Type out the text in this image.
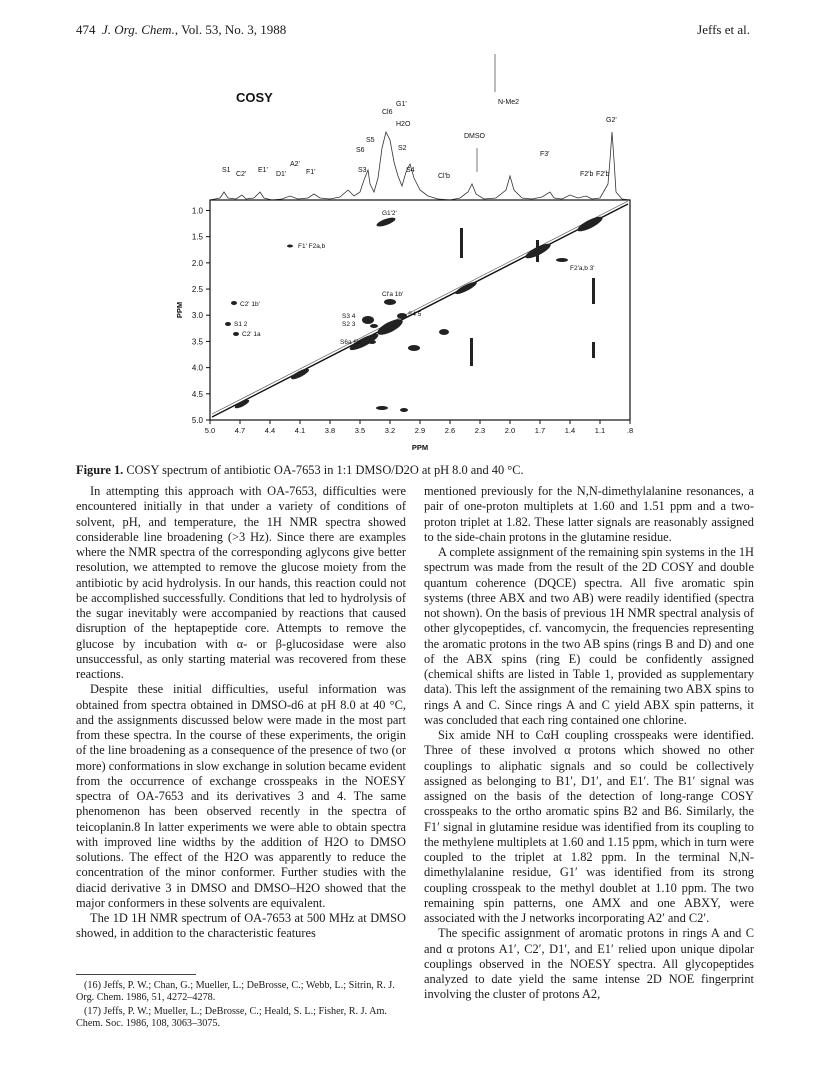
474 J. Org. Chem., Vol. 53, No. 3, 1988	Jeffs et al.
G1'
Cl6
H2O
N-Me2
G2'
DMSO
S5
S6	S2
F3'
S1
C2'
E1'
D1'
A2'
F1'	S3	S4
Cl'b	F2'b F2'b
COSY
G1'2'
F1' F2a,b
F2'a,b 3'
Cl'a 1b'
C2' 1b'
S3 4	S4 5
S1 2	S2 3
C2' 1a
S6a 6b
1.0
1.5
2.0
2.5
3.0
3.5
4.0
4.5
5.0
5.0	4.7	4.4	4.1	3.8	3.5	3.2	2.9	2.6	2.3	2.0	1.7	1.4	1.1	.8
PPM
PPM
Figure 1. COSY spectrum of antibiotic OA-7653 in 1:1 DMSO/D2O at pH 8.0 and 40 °C.

In attempting this approach with OA-7653, difficulties were encountered initially in that under a variety of conditions of solvent, pH, and temperature, the 1H NMR spectra showed considerable line broadening (>3 Hz). Since there are examples where the NMR spectra of the corresponding aglycons give better resolution, we attempted to remove the glucose moiety from the antibiotic by acid hydrolysis. In our hands, this reaction could not be accomplished successfully. Conditions that led to hydrolysis of the sugar inevitably were accompanied by reactions that caused disruption of the heptapeptide core. Attempts to remove the glucose by incubation with α- or β-glucosidase were also unsuccessful, as only starting material was recovered from these reactions.

Despite these initial difficulties, useful information was obtained from spectra obtained in DMSO-d6 at pH 8.0 at 40 °C, and the assignments discussed below were made in the most part from these spectra. In the course of these experiments, the origin of the line broadening as a consequence of the presence of two (or more) conformations in slow exchange in solution became evident from the occurrence of exchange crosspeaks in the NOESY spectra of OA-7653 and its derivatives 3 and 4. The same phenomenon has been observed recently in the spectra of teicoplanin.8 In latter experiments we were able to obtain spectra with improved line widths by the addition of H2O to DMSO solutions. The effect of the H2O was apparently to reduce the concentration of the minor conformer. Further studies with the diacid derivative 3 in DMSO and DMSO–H2O showed that the major conformers in these solvents are equivalent.

The 1D 1H NMR spectrum of OA-7653 at 500 MHz at DMSO showed, in addition to the characteristic features

(16) Jeffs, P. W.; Chan, G.; Mueller, L.; DeBrosse, C.; Webb, L.; Sitrin, R. J. Org. Chem. 1986, 51, 4272–4278.

(17) Jeffs, P. W.; Mueller, L.; DeBrosse, C.; Heald, S. L.; Fisher, R. J. Am. Chem. Soc. 1986, 108, 3063–3075.

mentioned previously for the N,N-dimethylalanine resonances, a pair of one-proton multiplets at 1.60 and 1.51 ppm and a two-proton triplet at 1.82. These latter signals are reasonably assigned to the side-chain protons in the glutamine residue.

A complete assignment of the remaining spin systems in the 1H spectrum was made from the result of the 2D COSY and double quantum coherence (DQCE) spectra. All five aromatic spin systems (three ABX and two AB) were readily identified (spectra not shown). On the basis of previous 1H NMR spectral analysis of other glycopeptides, cf. vancomycin, the frequencies representing the aromatic protons in the two AB spins (rings B and D) and one of the ABX spins (ring E) could be confidently assigned (chemical shifts are listed in Table 1, provided as supplementary data). This left the assignment of the remaining two ABX spins to rings A and C. Since rings A and C yield ABX spin patterns, it was concluded that each ring contained one chlorine.

Six amide NH to CαH coupling crosspeaks were identified. Three of these involved α protons which showed no other couplings to aliphatic signals and so could be collectively assigned as belonging to B1′, D1′, and E1′. The B1′ signal was assigned on the basis of the detection of long-range COSY crosspeaks to the ortho aromatic spins B2 and B6. Similarly, the F1′ signal in glutamine residue was identified from its coupling to the methylene multiplets at 1.60 and 1.15 ppm, which in turn were coupled to the triplet at 1.82 ppm. In the terminal N,N-dimethylalanine residue, G1′ was identified from its strong coupling crosspeak to the methyl doublet at 1.10 ppm. The two remaining spin patterns, one AMX and one ABXY, were associated with the J networks incorporating A2′ and C2′.

The specific assignment of aromatic protons in rings A and C and α protons A1′, C2′, D1′, and E1′ relied upon unique dipolar couplings observed in the NOESY spectra. All glycopeptides analyzed to date yield the same intense 2D NOE fingerprint involving the cluster of protons A2,
